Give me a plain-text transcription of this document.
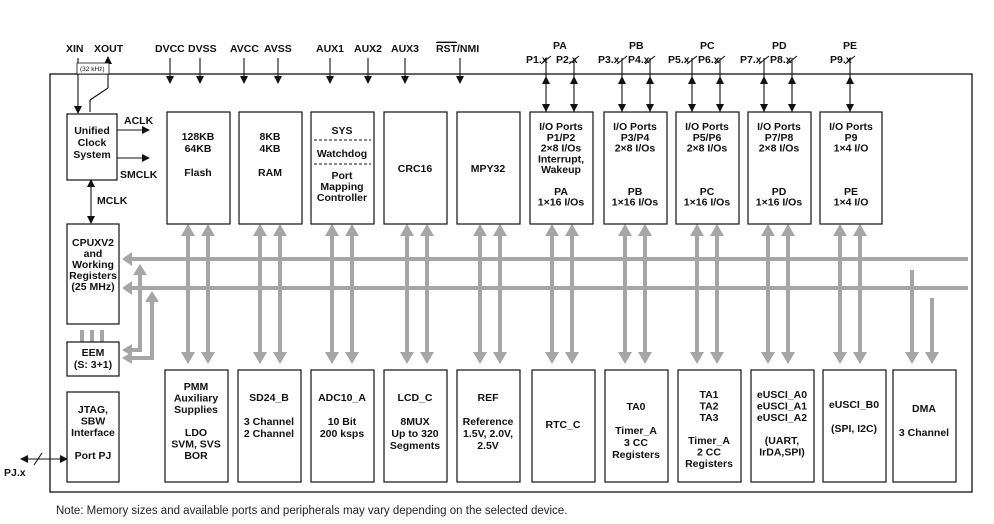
XIN XOUT
(32 kHz)
DVCC DVSS AVCC AVSS AUX1 AUX2 AUX3 RST/NMI	PA
P1.x P2.x
PB
P3.x P4.x
PC
P5.x P6.x
PD
P7.x P8.x
PE
P9.x
PJ.x
ACLK
SMCLK
MCLK
Unified Clock System
128KB 64KB Flash
8KB 4KB RAM
SYS
Watchdog
Port Mapping Controller
CRC16	MPY32
I/O Ports P1/P2 2×8 I/Os Interrupt, Wakeup PA 1×16 I/Os
I/O Ports P3/P4 2×8 I/Os PB 1×16 I/Os
I/O Ports P5/P6 2×8 I/Os PC 1×16 I/Os
I/O Ports P7/P8 2×8 I/Os PD 1×16 I/Os
I/O Ports P9 1×4 I/O PE 1×4 I/O
CPUXV2 and Working Registers (25 MHz)
EEM (S: 3+1)
JTAG, SBW Interface Port PJ
PMM Auxiliary Supplies LDO SVM, SVS BOR
SD24_B 3 Channel 2 Channel
ADC10_A 10 Bit 200 ksps
LCD_C 8MUX Up to 320 Segments
REF Reference 1.5V, 2.0V, 2.5V
RTC_C
TA0 Timer_A 3 CC Registers
TA1 TA2 TA3 Timer_A 2 CC Registers
eUSCI_A0 eUSCI_A1 eUSCI_A2 (UART, IrDA,SPI)
eUSCI_B0 (SPI, I2C)
DMA 3 Channel
Note: Memory sizes and available ports and peripherals may vary depending on the selected device.
